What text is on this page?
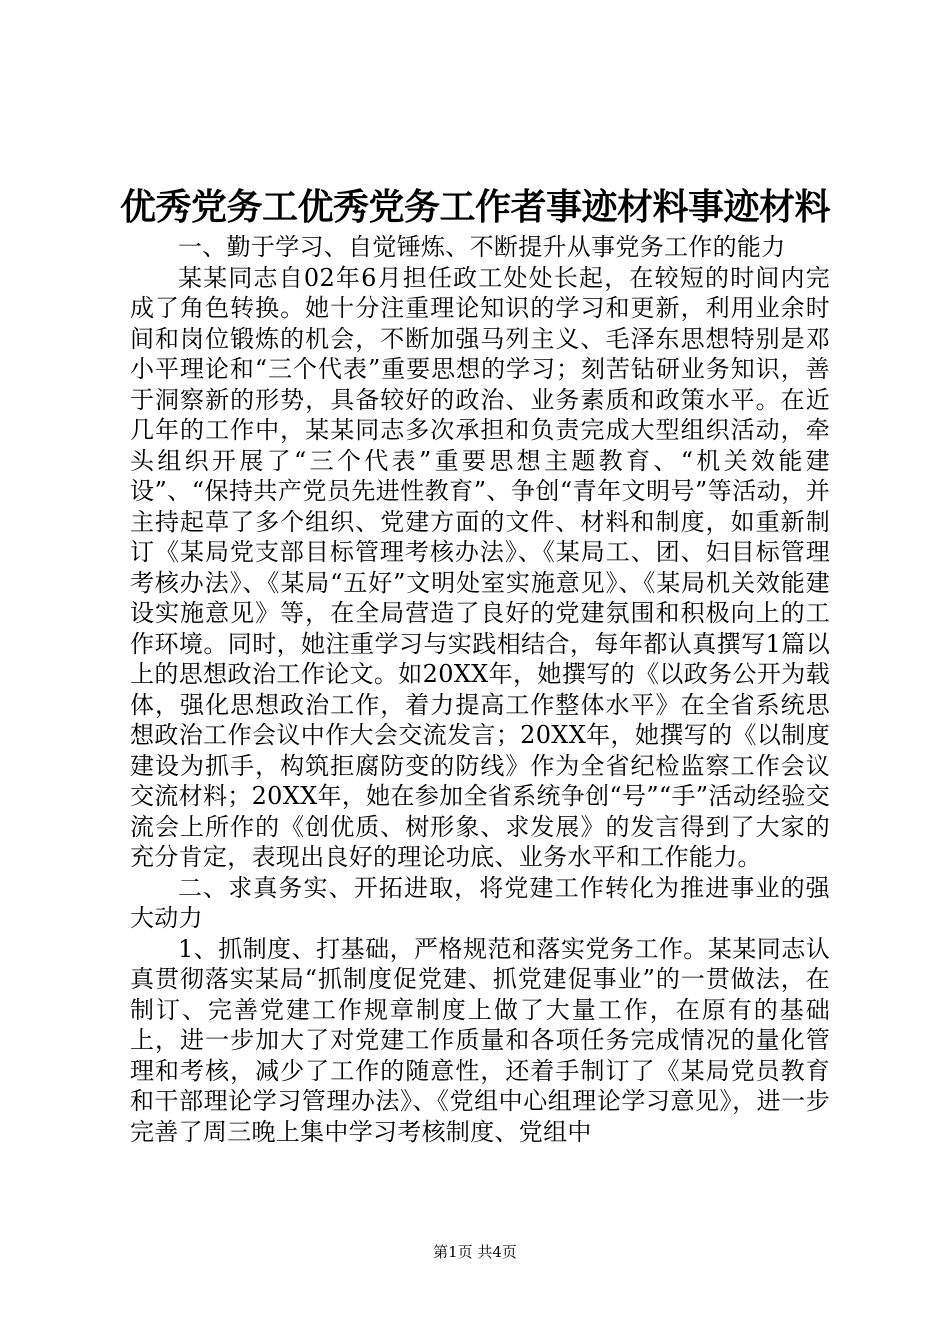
优秀党务工优秀党务工作者事迹材料事迹材料

一、勤于学习、自觉锤炼、不断提升从事党务工作的能力

某某同志自02年6月担任政工处处长起，在较短的时间内完成了角色转换。她十分注重理论知识的学习和更新，利用业余时间和岗位锻炼的机会，不断加强马列主义、毛泽东思想特别是邓小平理论和“三个代表”重要思想的学习；刻苦钻研业务知识，善于洞察新的形势，具备较好的政治、业务素质和政策水平。在近几年的工作中，某某同志多次承担和负责完成大型组织活动，牵头组织开展了“三个代表”重要思想主题教育、“机关效能建设”、“保持共产党员先进性教育”、争创“青年文明号”等活动，并主持起草了多个组织、党建方面的文件、材料和制度，如重新制订《某局党支部目标管理考核办法》、《某局工、团、妇目标管理考核办法》、《某局“五好”文明处室实施意见》、《某局机关效能建设实施意见》等，在全局营造了良好的党建氛围和积极向上的工作环境。同时，她注重学习与实践相结合，每年都认真撰写1篇以上的思想政治工作论文。如20XX年，她撰写的《以政务公开为载体，强化思想政治工作，着力提高工作整体水平》在全省系统思想政治工作会议中作大会交流发言；20XX年，她撰写的《以制度建设为抓手，构筑拒腐防变的防线》作为全省纪检监察工作会议交流材料；20XX年，她在参加全省系统争创“号”“手”活动经验交流会上所作的《创优质、树形象、求发展》的发言得到了大家的充分肯定，表现出良好的理论功底、业务水平和工作能力。

二、求真务实、开拓进取，将党建工作转化为推进事业的强大动力

1、抓制度、打基础，严格规范和落实党务工作。某某同志认真贯彻落实某局“抓制度促党建、抓党建促事业”的一贯做法，在制订、完善党建工作规章制度上做了大量工作，在原有的基础上，进一步加大了对党建工作质量和各项任务完成情况的量化管理和考核，减少了工作的随意性，还着手制订了《某局党员教育和干部理论学习管理办法》、《党组中心组理论学习意见》，进一步完善了周三晚上集中学习考核制度、党组中

第1页 共4页
